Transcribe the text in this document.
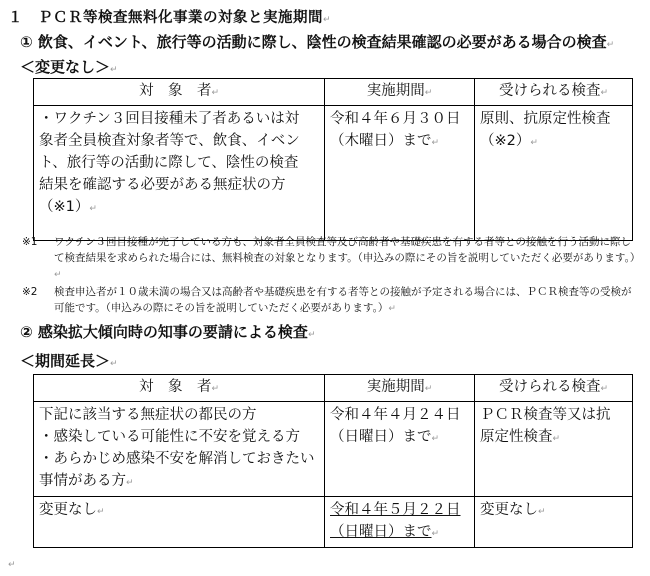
１　ＰＣＲ等検査無料化事業の対象と実施期間↵
① 飲食、イベント、旅行等の活動に際し、陰性の検査結果確認の必要がある場合の検査↵
＜変更なし＞↵
対　象　者↵	実施期間↵	受けられる検査↵
・ワクチン３回目接種未了者あるいは対
象者全員検査対象者等で、飲食、イベン
ト、旅行等の活動に際して、陰性の検査
結果を確認する必要がある無症状の方
（※1）↵	令和４年６月３０日
（木曜日）まで↵	原則、抗原定性検査
（※2）↵
※1	ワクチン３回目接種が完了している方も、対象者全員検査等及び高齢者や基礎疾患を有する者等との接触を行う活動に際して検査結果を求められた場合には、無料検査の対象となります。（申込みの際にその旨を説明していただく必要があります。）↵
※2	検査申込者が１０歳未満の場合又は高齢者や基礎疾患を有する者等との接触が予定される場合には、ＰＣＲ検査等の受検が可能です。（申込みの際にその旨を説明していただく必要があります。）↵
② 感染拡大傾向時の知事の要請による検査↵
＜期間延長＞↵
対　象　者↵	実施期間↵	受けられる検査↵
下記に該当する無症状の都民の方
・感染している可能性に不安を覚える方
・あらかじめ感染不安を解消しておきたい
事情がある方↵	令和４年４月２４日
（日曜日）まで↵	ＰＣＲ検査等又は抗
原定性検査↵
変更なし↵	令和４年５月２２日
（日曜日）まで↵	変更なし↵
↵
